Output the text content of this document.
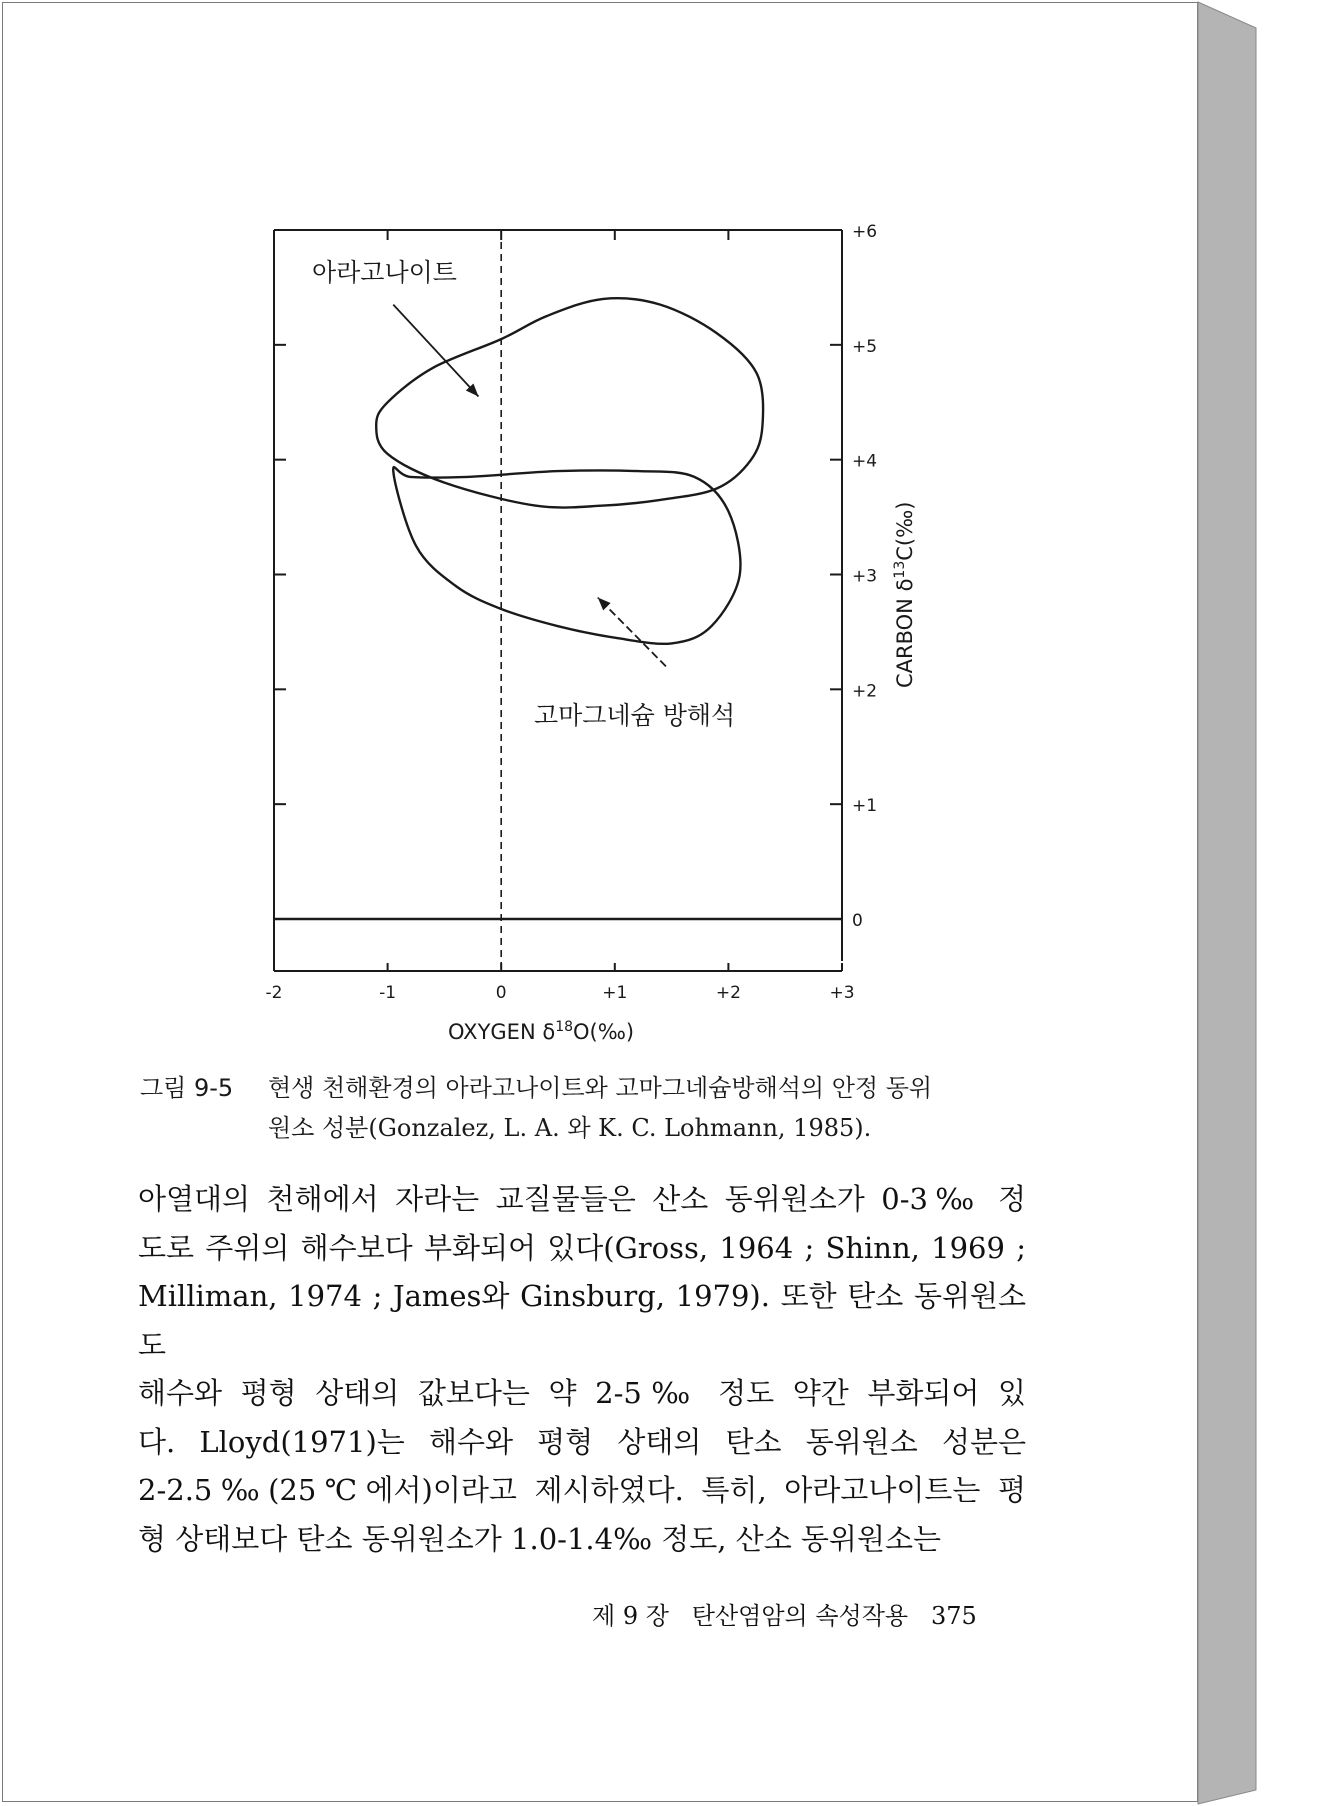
0
+1
+2
+3
+4
+5
+6
-2	-1	0	+1	+2	+3
아라고나이트
고마그네슘 방해석
OXYGEN $\delta^{18}O(‰)$
CARBON $\delta^{13}C(‰)$
그림 9-5 현생 천해환경의 아라고나이트와 고마그네슘방해석의 안정 동위
원소 성분(Gonzalez, L. A. 와 K. C. Lohmann, 1985).

아열대의 천해에서 자라는 교질물들은 산소 동위원소가 0-3‰ 정

도로 주위의 해수보다 부화되어 있다(Gross, 1964 ; Shinn, 1969 ;

Milliman, 1974 ; James와 Ginsburg, 1979). 또한 탄소 동위원소도

해수와 평형 상태의 값보다는 약 2-5‰ 정도 약간 부화되어 있

다. Lloyd(1971)는 해수와 평형 상태의 탄소 동위원소 성분은

2-2.5‰(25℃에서)이라고 제시하였다. 특히, 아라고나이트는 평

형 상태보다 탄소 동위원소가 1.0-1.4‰ 정도, 산소 동위원소는

제 9 장 탄산염암의 속성작용 375
